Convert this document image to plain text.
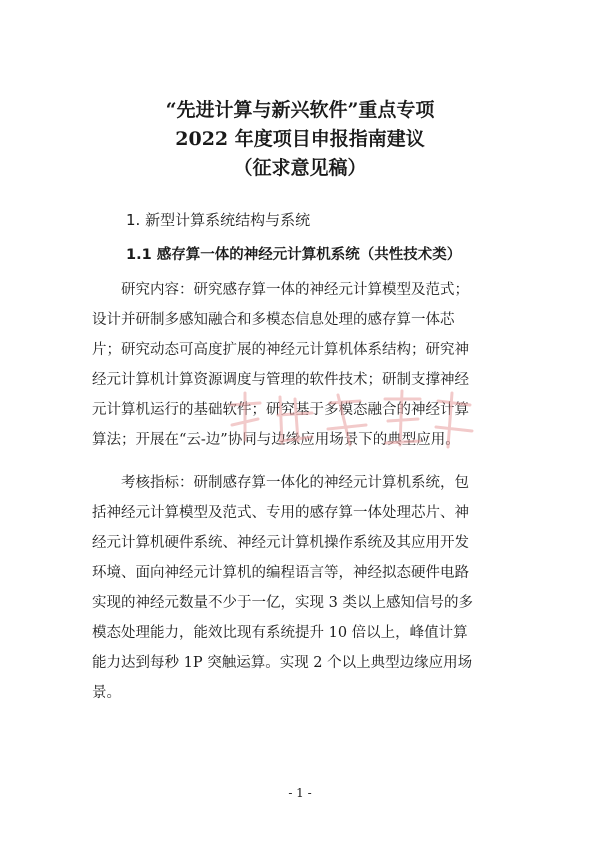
“先进计算与新兴软件”重点专项
2022 年度项目申报指南建议
（征求意见稿）
1. 新型计算系统结构与系统
1.1 感存算一体的神经元计算机系统（共性技术类）
研究内容：研究感存算一体的神经元计算模型及范式；
设计并研制多感知融合和多模态信息处理的感存算一体芯
片；研究动态可高度扩展的神经元计算机体系结构；研究神
经元计算机计算资源调度与管理的软件技术；研制支撑神经
元计算机运行的基础软件；研究基于多模态融合的神经计算
算法；开展在“云-边”协同与边缘应用场景下的典型应用。
考核指标：研制感存算一体化的神经元计算机系统，包
括神经元计算模型及范式、专用的感存算一体处理芯片、神
经元计算机硬件系统、神经元计算机操作系统及其应用开发
环境、面向神经元计算机的编程语言等，神经拟态硬件电路
实现的神经元数量不少于一亿，实现 3 类以上感知信号的多
模态处理能力，能效比现有系统提升 10 倍以上，峰值计算
能力达到每秒 1P 突触运算。实现 2 个以上典型边缘应用场
景。
- 1 -
